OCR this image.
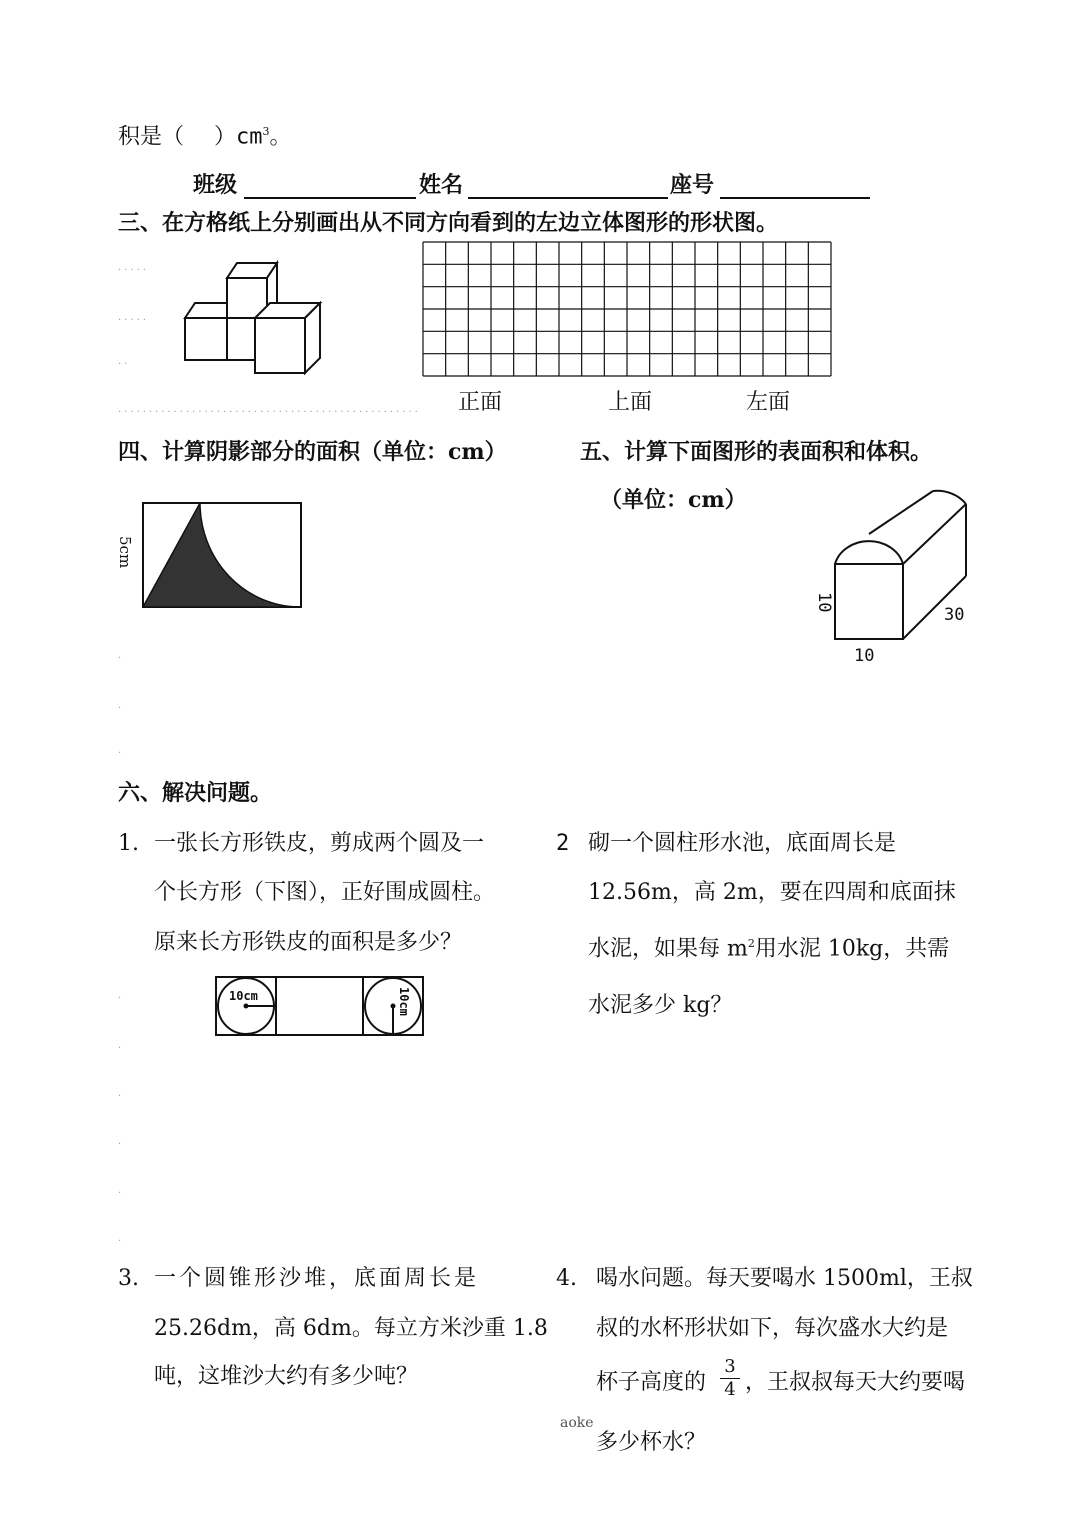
积是（ ）$cm^3$。
班级	姓名	座号
三、在方格纸上分别画出从不同方向看到的左边立体图形的形状图。
.....
.....
..
................................................. 正面	上面	左面
四、计算阴影部分的面积（单位：cm）
5cm
五、计算下面图形的表面积和体积。
（单位：cm）
10
10
30
.
.
.
六、解决问题。
1. 一张长方形铁皮，剪成两个圆及一
个长方形（下图），正好围成圆柱。
原来长方形铁皮的面积是多少？
10cm	10cm
2 砌一个圆柱形水池，底面周长是
12.56m，高 2m，要在四周和底面抹
水泥，如果每 $m^2$用水泥 10kg，共需
水泥多少 kg？
.
.
.
.
.
.
3. 一个圆锥形沙堆，底面周长是
25.26dm，高 6dm。每立方米沙重 1.8
吨，这堆沙大约有多少吨？
4. 喝水问题。每天要喝水 1500ml，王叔
叔的水杯形状如下，每次盛水大约是
杯子高度的
3
4 ，王叔叔每天大约要喝
多少杯水？
aoke
